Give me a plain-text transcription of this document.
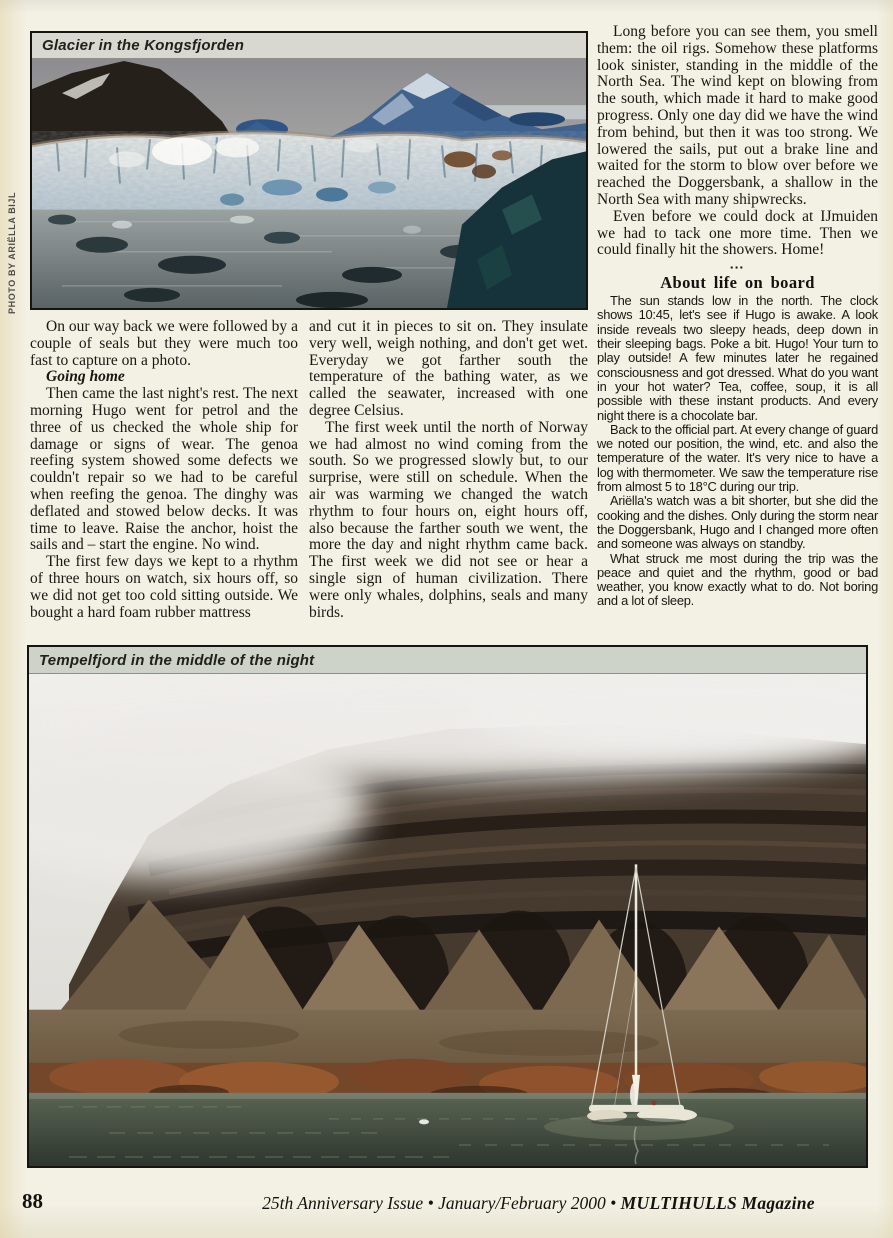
PHOTO BY ARIËLLA BIJL
Glacier in the Kongsfjorden

Long before you can see them, you smell them: the oil rigs. Somehow these platforms look sinister, standing in the middle of the North Sea. The wind kept on blowing from the south, which made it hard to make good progress. Only one day did we have the wind from behind, but then it was too strong. We lowered the sails, put out a brake line and waited for the storm to blow over before we reached the Doggersbank, a shallow in the North Sea with many shipwrecks.

Even before we could dock at IJmuiden we had to tack one more time. Then we could finally hit the showers. Home!

▪▪▪

About life on board

The sun stands low in the north. The clock shows 10:45, let's see if Hugo is awake. A look inside reveals two sleepy heads, deep down in their sleeping bags. Poke a bit. Hugo! Your turn to play outside! A few minutes later he regained consciousness and got dressed. What do you want in your hot water? Tea, coffee, soup, it is all possible with these instant products. And every night there is a chocolate bar.

Back to the official part. At every change of guard we noted our position, the wind, etc. and also the temperature of the water. It's very nice to have a log with thermometer. We saw the temperature rise from almost 5 to 18°C during our trip.

Ariëlla's watch was a bit shorter, but she did the cooking and the dishes. Only during the storm near the Doggersbank, Hugo and I changed more often and someone was always on standby.

What struck me most during the trip was the peace and quiet and the rhythm, good or bad weather, you know exactly what to do. Not boring and a lot of sleep.

On our way back we were followed by a couple of seals but they were much too fast to capture on a photo.

Going home

Then came the last night's rest. The next morning Hugo went for petrol and the three of us checked the whole ship for damage or signs of wear. The genoa reefing system showed some defects we couldn't repair so we had to be careful when reefing the genoa. The dinghy was deflated and stowed below decks. It was time to leave. Raise the anchor, hoist the sails and – start the engine. No wind.

The first few days we kept to a rhythm of three hours on watch, six hours off, so we did not get too cold sitting outside. We bought a hard foam rubber mattress

and cut it in pieces to sit on. They insulate very well, weigh nothing, and don't get wet. Everyday we got farther south the temperature of the bathing water, as we called the seawater, increased with one degree Celsius.

The first week until the north of Norway we had almost no wind coming from the south. So we progressed slowly but, to our surprise, were still on schedule. When the air was warming we changed the watch rhythm to four hours on, eight hours off, also because the farther south we went, the more the day and night rhythm came back. The first week we did not see or hear a single sign of human civilization. There were only whales, dolphins, seals and many birds.

Tempelfjord in the middle of the night
88	25th Anniversary Issue • January/February 2000 • MULTIHULLS Magazine
